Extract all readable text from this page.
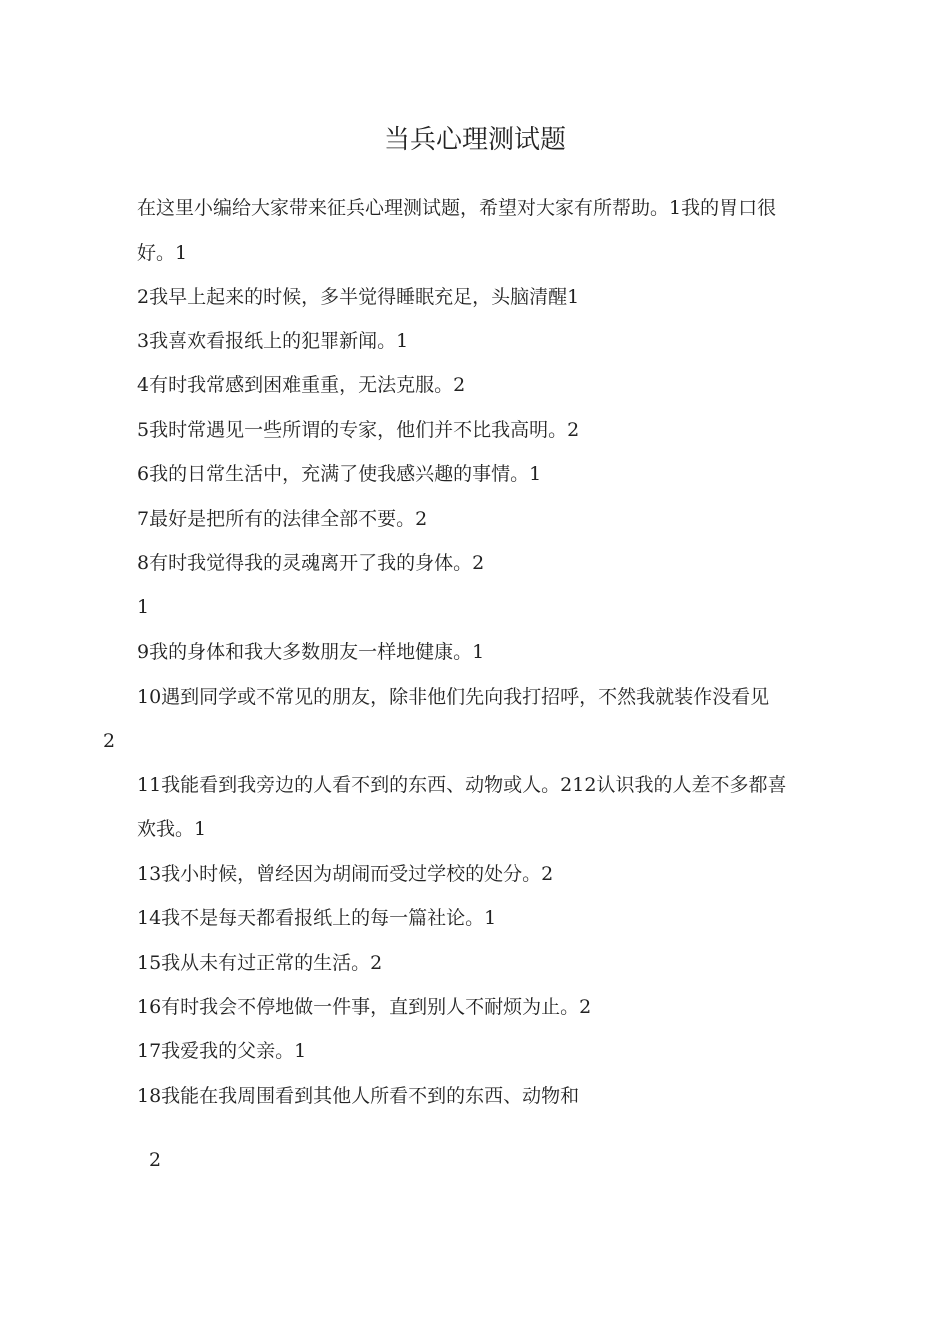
当兵心理测试题

在这里小编给大家带来征兵心理测试题，希望对大家有所帮助。1我的胃口很

好。1

2我早上起来的时候，多半觉得睡眠充足，头脑清醒1

3我喜欢看报纸上的犯罪新闻。1

4有时我常感到困难重重，无法克服。2

5我时常遇见一些所谓的专家，他们并不比我高明。2

6我的日常生活中，充满了使我感兴趣的事情。1

7最好是把所有的法律全部不要。2

8有时我觉得我的灵魂离开了我的身体。2

1

9我的身体和我大多数朋友一样地健康。1

10遇到同学或不常见的朋友，除非他们先向我打招呼，不然我就装作没看见

2

11我能看到我旁边的人看不到的东西、动物或人。212认识我的人差不多都喜

欢我。1

13我小时候，曾经因为胡闹而受过学校的处分。2

14我不是每天都看报纸上的每一篇社论。1

15我从未有过正常的生活。2

16有时我会不停地做一件事，直到别人不耐烦为止。2

17我爱我的父亲。1

18我能在我周围看到其他人所看不到的东西、动物和

2
